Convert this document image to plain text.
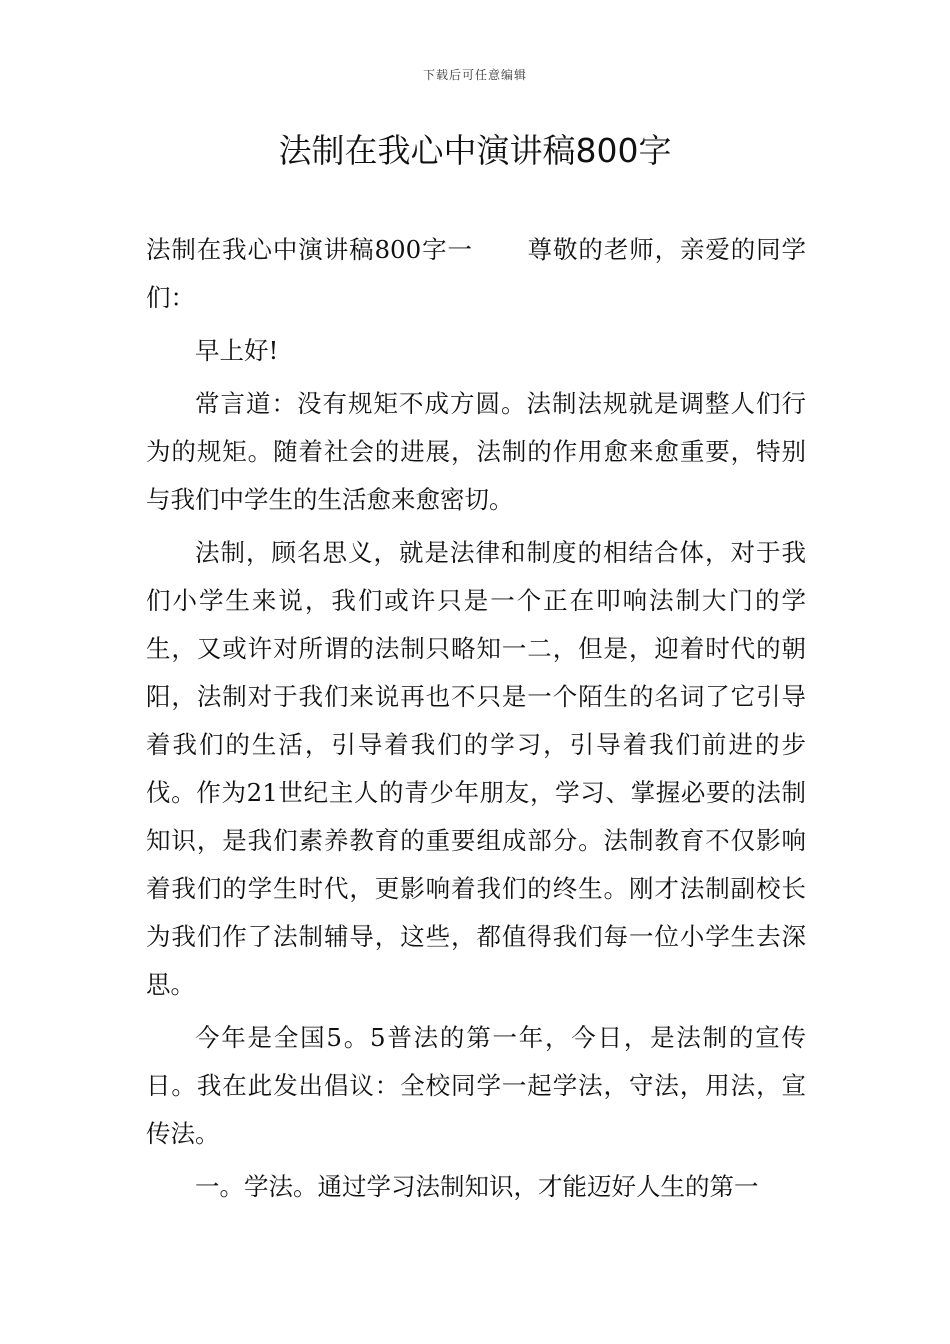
下载后可任意编辑
法制在我心中演讲稿800字

法制在我心中演讲稿800字一 尊敬的老师，亲爱的同学们：

早上好!

常言道：没有规矩不成方圆。法制法规就是调整人们行为的规矩。随着社会的进展，法制的作用愈来愈重要，特别与我们中学生的生活愈来愈密切。

法制，顾名思义，就是法律和制度的相结合体，对于我们小学生来说，我们或许只是一个正在叩响法制大门的学生，又或许对所谓的法制只略知一二，但是，迎着时代的朝阳，法制对于我们来说再也不只是一个陌生的名词了它引导着我们的生活，引导着我们的学习，引导着我们前进的步伐。作为21世纪主人的青少年朋友，学习、掌握必要的法制知识，是我们素养教育的重要组成部分。法制教育不仅影响着我们的学生时代，更影响着我们的终生。刚才法制副校长为我们作了法制辅导，这些，都值得我们每一位小学生去深思。

今年是全国5。5普法的第一年，今日，是法制的宣传日。我在此发出倡议：全校同学一起学法，守法，用法，宣传法。

一。学法。通过学习法制知识，才能迈好人生的第一
